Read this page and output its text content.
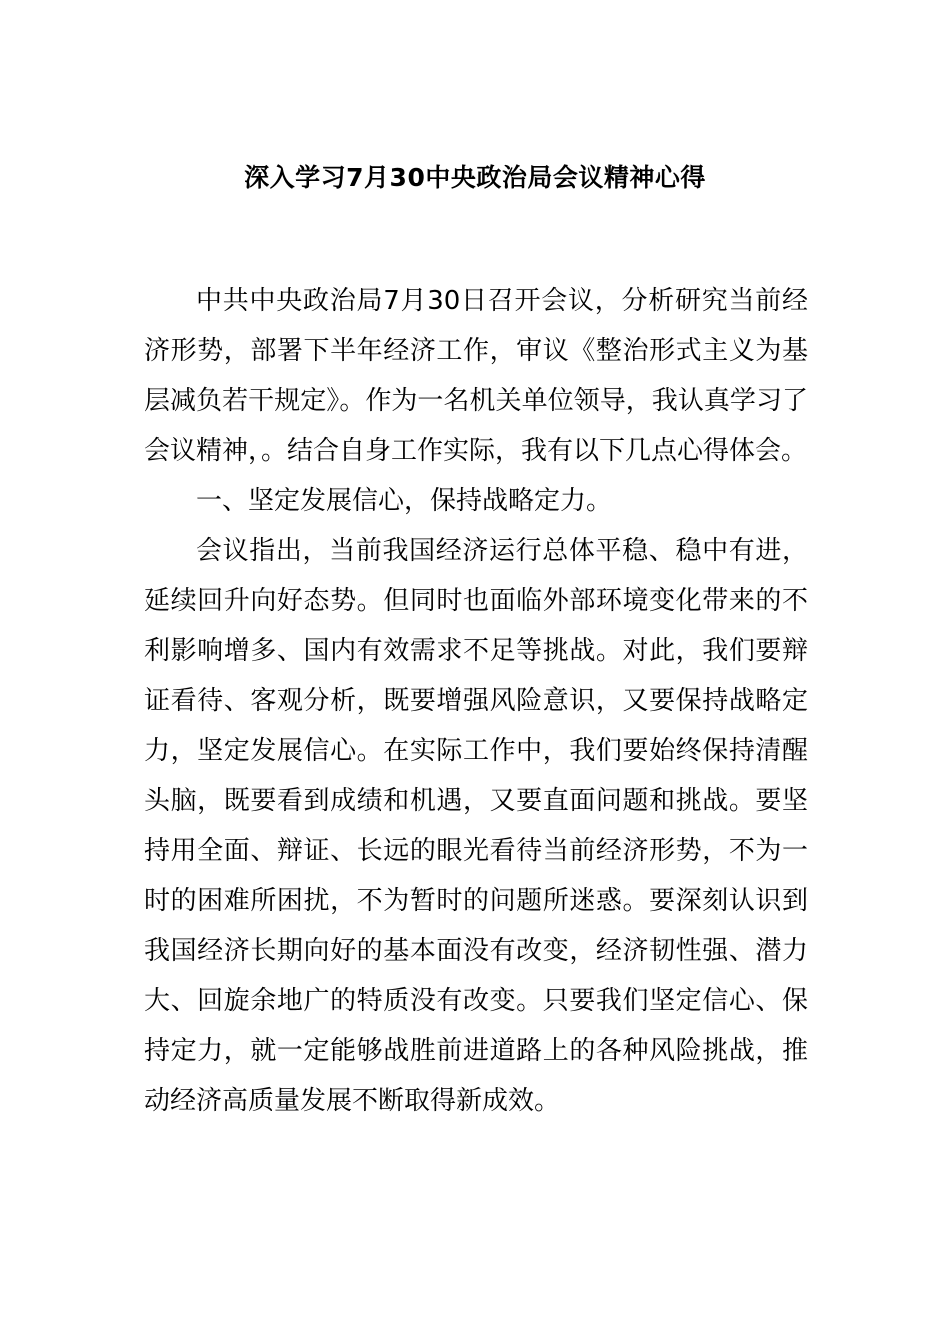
深入学习7月30中央政治局会议精神心得

中共中央政治局7月30日召开会议，分析研究当前经济形势，部署下半年经济工作，审议《整治形式主义为基层减负若干规定》。作为一名机关单位领导，我认真学习了会议精神，。结合自身工作实际，我有以下几点心得体会。

一、坚定发展信心，保持战略定力。

会议指出，当前我国经济运行总体平稳、稳中有进，延续回升向好态势。但同时也面临外部环境变化带来的不利影响增多、国内有效需求不足等挑战。对此，我们要辩证看待、客观分析，既要增强风险意识，又要保持战略定力，坚定发展信心。在实际工作中，我们要始终保持清醒头脑，既要看到成绩和机遇，又要直面问题和挑战。要坚持用全面、辩证、长远的眼光看待当前经济形势，不为一时的困难所困扰，不为暂时的问题所迷惑。要深刻认识到我国经济长期向好的基本面没有改变，经济韧性强、潜力大、回旋余地广的特质没有改变。只要我们坚定信心、保持定力，就一定能够战胜前进道路上的各种风险挑战，推动经济高质量发展不断取得新成效。
